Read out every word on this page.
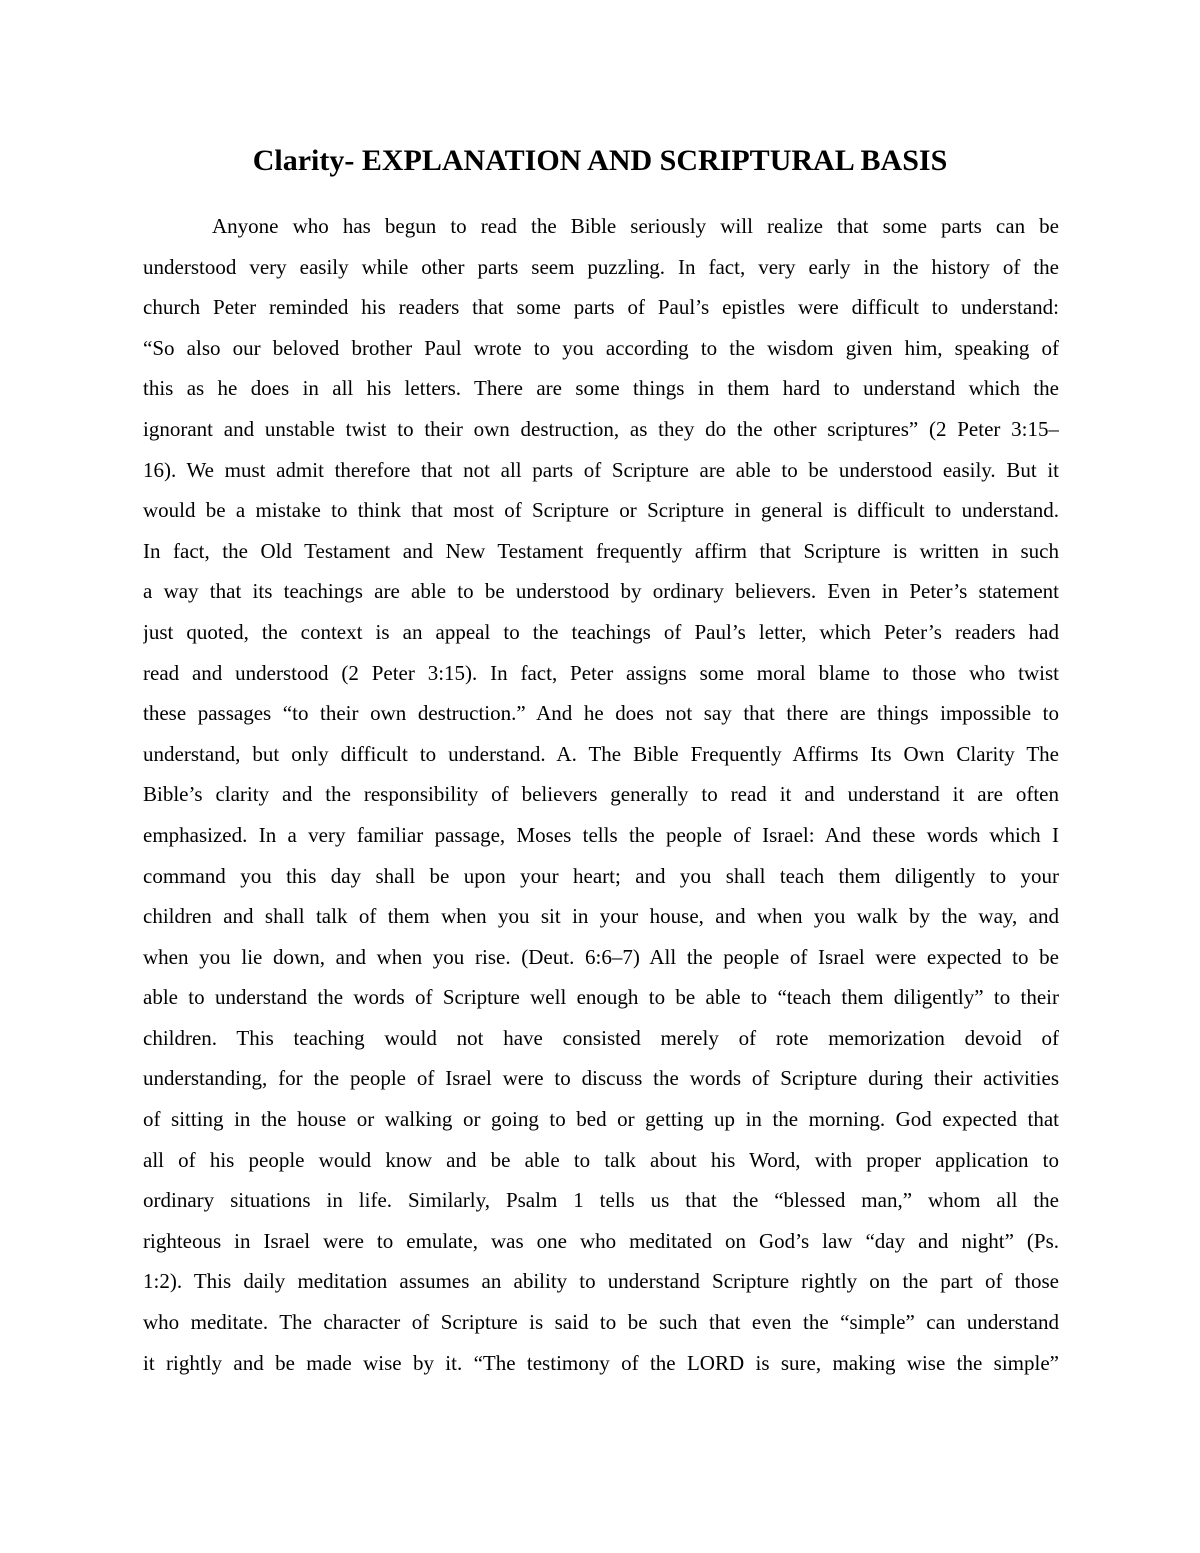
Clarity- EXPLANATION AND SCRIPTURAL BASIS
Anyone who has begun to read the Bible seriously will realize that some parts can be
understood very easily while other parts seem puzzling. In fact, very early in the history of the
church Peter reminded his readers that some parts of Paul’s epistles were difficult to understand:
“So also our beloved brother Paul wrote to you according to the wisdom given him, speaking of
this as he does in all his letters. There are some things in them hard to understand which the
ignorant and unstable twist to their own destruction, as they do the other scriptures” (2 Peter 3:15–
16). We must admit therefore that not all parts of Scripture are able to be understood easily. But it
would be a mistake to think that most of Scripture or Scripture in general is difficult to understand.
In fact, the Old Testament and New Testament frequently affirm that Scripture is written in such
a way that its teachings are able to be understood by ordinary believers. Even in Peter’s statement
just quoted, the context is an appeal to the teachings of Paul’s letter, which Peter’s readers had
read and understood (2 Peter 3:15). In fact, Peter assigns some moral blame to those who twist
these passages “to their own destruction.” And he does not say that there are things impossible to
understand, but only difficult to understand. A. The Bible Frequently Affirms Its Own Clarity The
Bible’s clarity and the responsibility of believers generally to read it and understand it are often
emphasized. In a very familiar passage, Moses tells the people of Israel: And these words which I
command you this day shall be upon your heart; and you shall teach them diligently to your
children and shall talk of them when you sit in your house, and when you walk by the way, and
when you lie down, and when you rise. (Deut. 6:6–7) All the people of Israel were expected to be
able to understand the words of Scripture well enough to be able to “teach them diligently” to their
children. This teaching would not have consisted merely of rote memorization devoid of
understanding, for the people of Israel were to discuss the words of Scripture during their activities
of sitting in the house or walking or going to bed or getting up in the morning. God expected that
all of his people would know and be able to talk about his Word, with proper application to
ordinary situations in life. Similarly, Psalm 1 tells us that the “blessed man,” whom all the
righteous in Israel were to emulate, was one who meditated on God’s law “day and night” (Ps.
1:2). This daily meditation assumes an ability to understand Scripture rightly on the part of those
who meditate. The character of Scripture is said to be such that even the “simple” can understand
it rightly and be made wise by it. “The testimony of the LORD is sure, making wise the simple”
